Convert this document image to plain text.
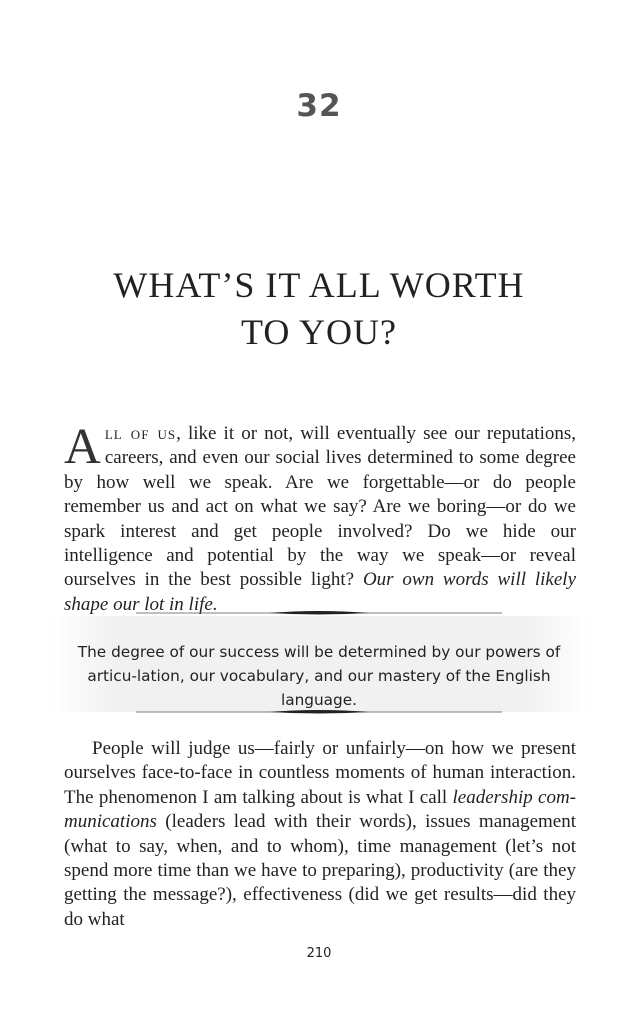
32
WHAT’S IT ALL WORTH
TO YOU?
All of us, like it or not, will eventually see our reputations, careers, and even our social lives determined to some degree by how well we speak. Are we forgettable—or do people remember us and act on what we say? Are we boring—or do we spark interest and get people involved? Do we hide our intelligence and potential by the way we speak—or reveal ourselves in the best possible light? Our own words will likely shape our lot in life.
The degree of our success will be determined by our powers of articu-lation, our vocabulary, and our mastery of the English language.
People will judge us—fairly or unfairly—on how we present ourselves face-to-face in countless moments of human interaction. The phenomenon I am talking about is what I call leadership com-munications (leaders lead with their words), issues management (what to say, when, and to whom), time management (let’s not spend more time than we have to preparing), productivity (are they getting the message?), effectiveness (did we get results—did they do what
210
